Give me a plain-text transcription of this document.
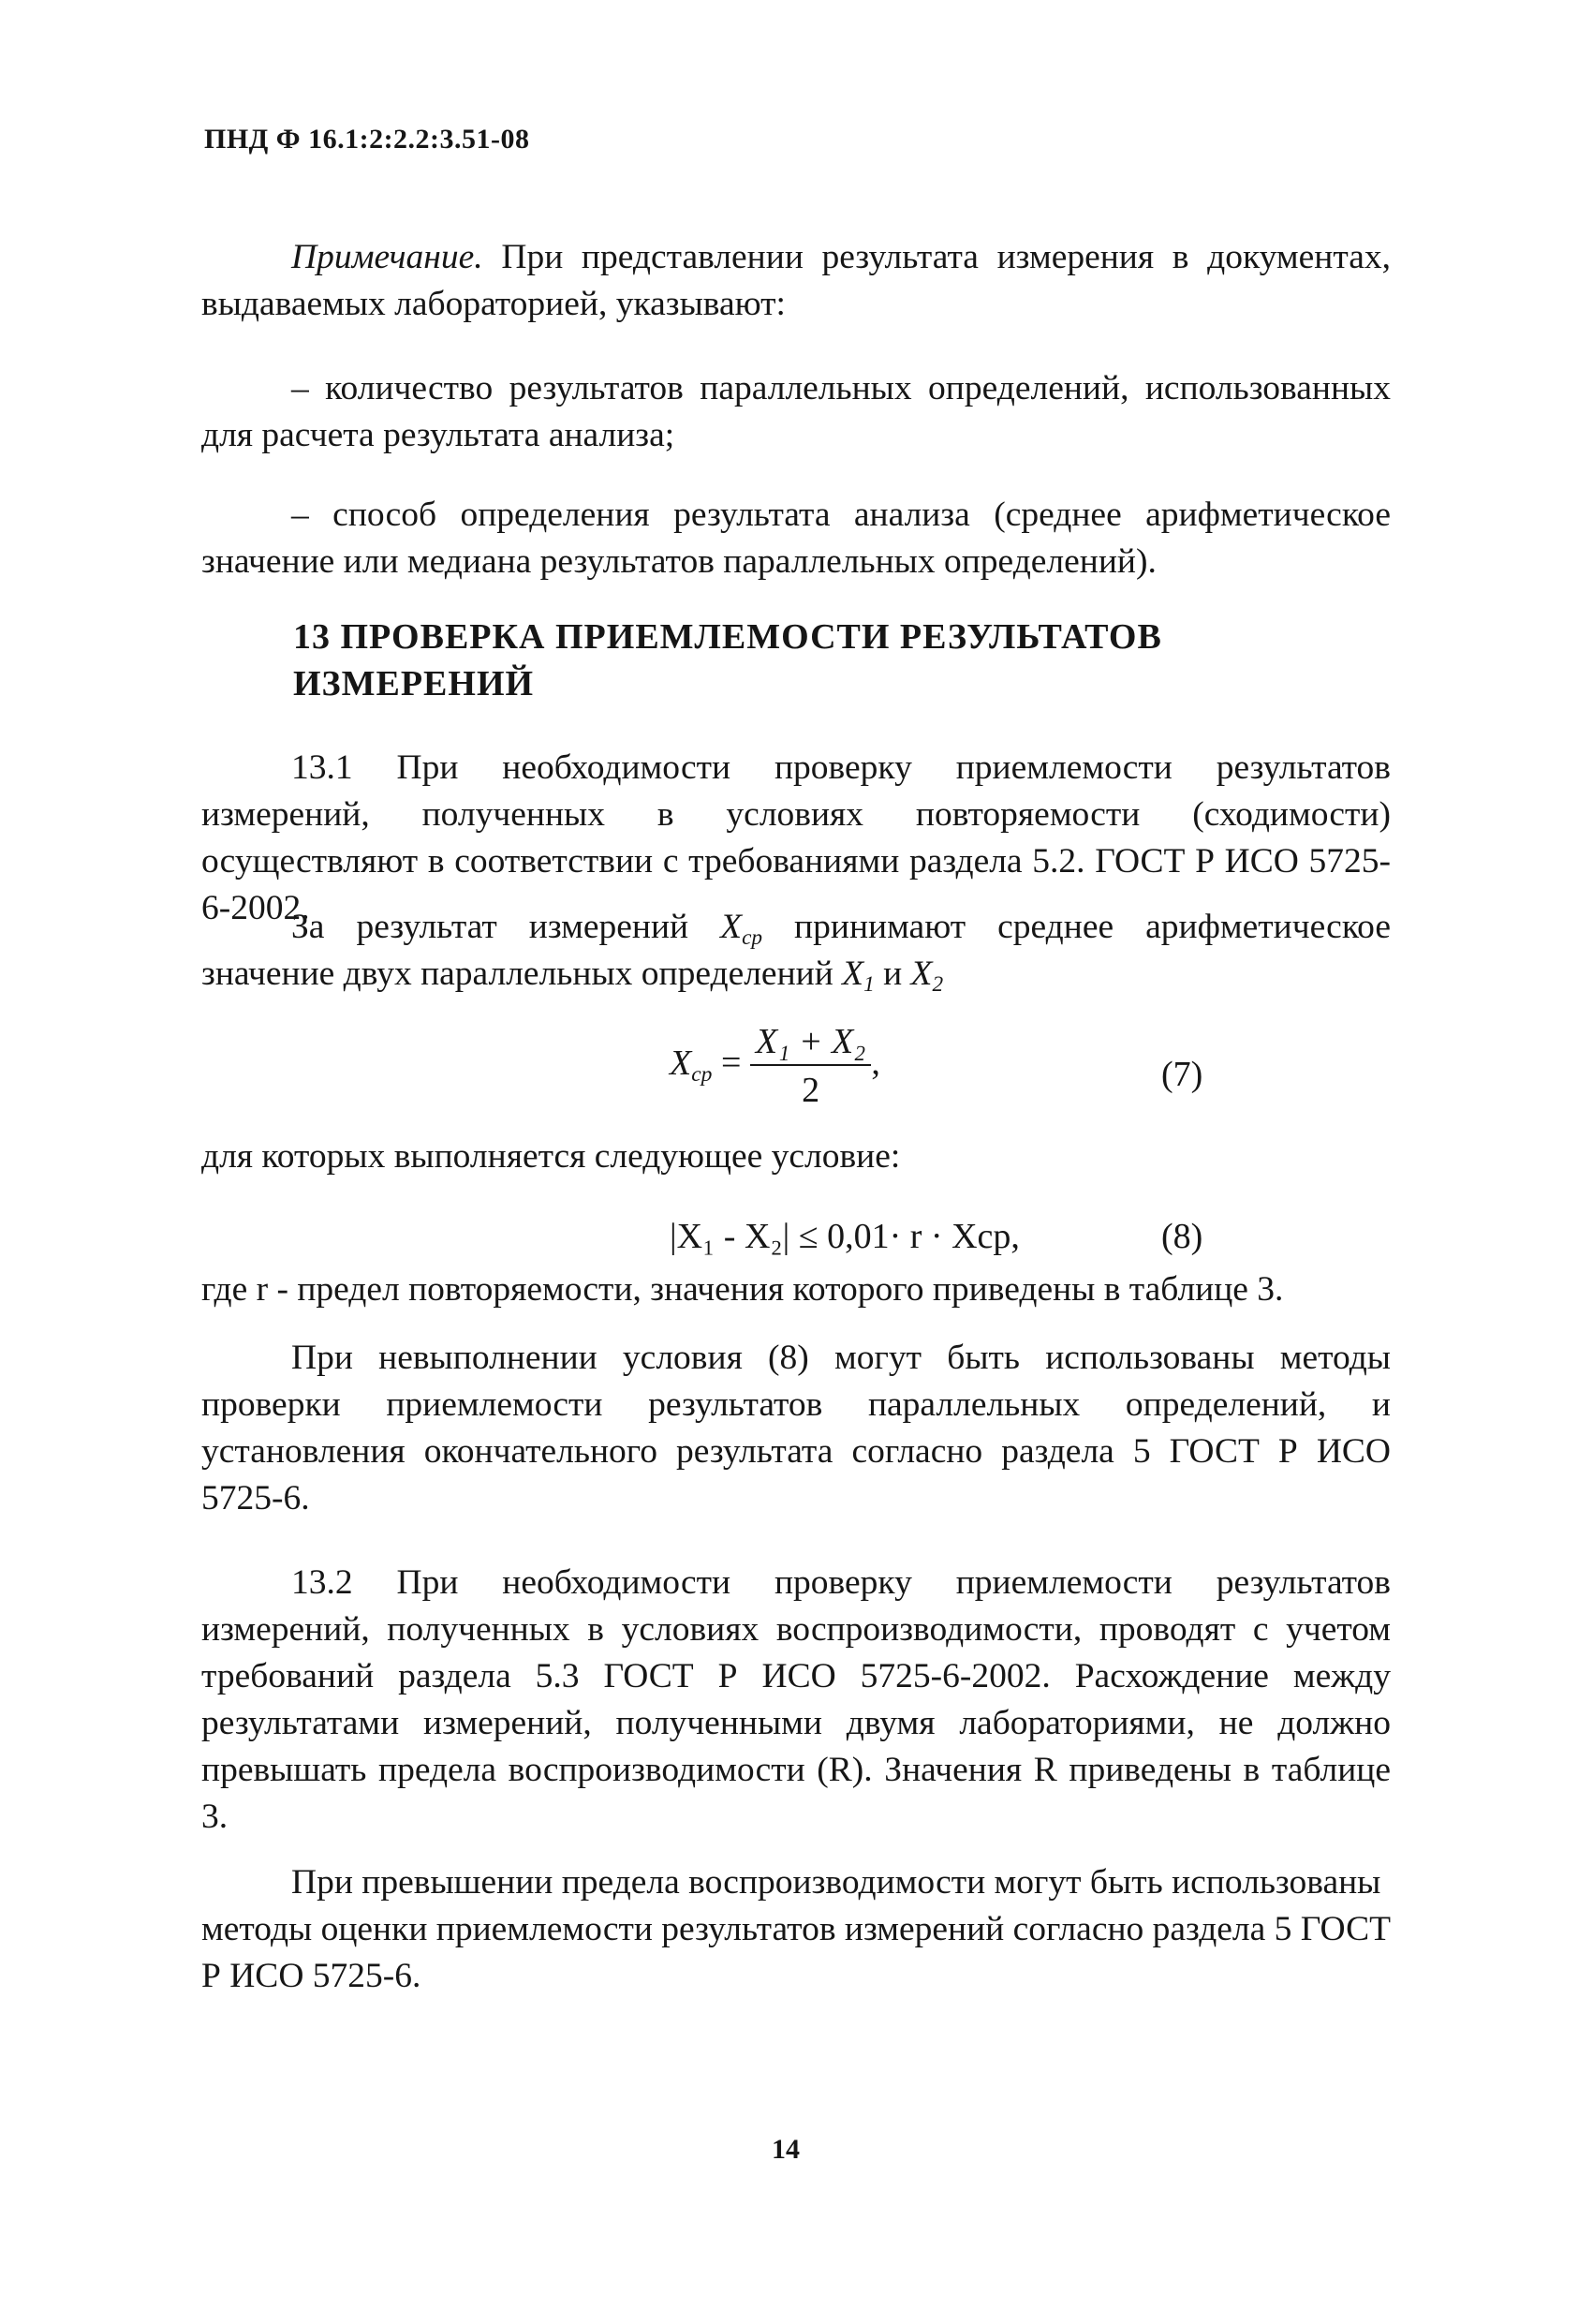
ПНД Ф 16.1:2:2.2:3.51-08
Примечание. При представлении результата измерения в документах, выдаваемых лабораторией, указывают:
– количество результатов параллельных определений, использованных для расчета результата анализа;
– способ определения результата анализа (среднее арифметическое значение или медиана результатов параллельных определений).
13 ПРОВЕРКА ПРИЕМЛЕМОСТИ РЕЗУЛЬТАТОВ
ИЗМЕРЕНИЙ
13.1 При необходимости проверку приемлемости результатов измерений, полученных в условиях повторяемости (сходимости) осуществляют в соответствии с требованиями раздела 5.2. ГОСТ Р ИСО 5725-6-2002.
За результат измерений $X_{ср}$ принимают среднее арифметическое значение двух параллельных определений $X_1$ и $X_2$
$X_{ср} = \frac{\text{X₁ + X₂}}{2}$ ,	(7)
для которых выполняется следующее условие:
|X₁ - X₂| ≤ 0,01· r · Xср,	(8)
где r - предел повторяемости, значения которого приведены в таблице 3.
При невыполнении условия (8) могут быть использованы методы проверки приемлемости результатов параллельных определений, и установления окончательного результата согласно раздела 5 ГОСТ Р ИСО 5725-6.
13.2 При необходимости проверку приемлемости результатов измерений, полученных в условиях воспроизводимости, проводят с учетом требований раздела 5.3 ГОСТ Р ИСО 5725-6-2002. Расхождение между результатами измерений, полученными двумя лабораториями, не должно превышать предела воспроизводимости (R). Значения R приведены в таблице 3.
При превышении предела воспроизводимости могут быть использованы методы оценки приемлемости результатов измерений согласно раздела 5 ГОСТ Р ИСО 5725-6.
14
